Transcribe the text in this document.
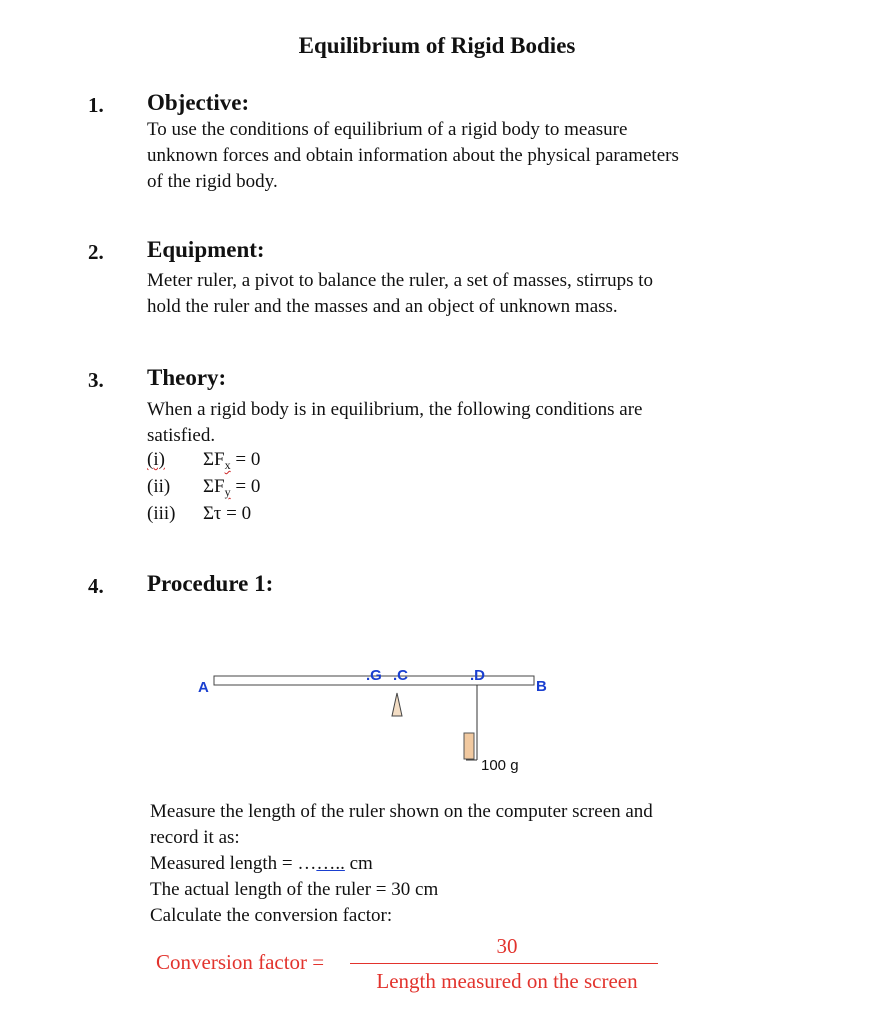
Equilibrium of Rigid Bodies
1. Objective:
To use the conditions of equilibrium of a rigid body to measure
unknown forces and obtain information about the physical parameters
of the rigid body.
2. Equipment:
Meter ruler, a pivot to balance the ruler, a set of masses, stirrups to
hold the ruler and the masses and an object of unknown mass.
3. Theory:
When a rigid body is in equilibrium, the following conditions are
satisfied.
(i) $\Sigma F_x = 0$
(ii) $\Sigma F_y = 0$
(iii) Στ = 0
4. Procedure 1:
A	B
.G .C	.D
100 g
Measure the length of the ruler shown on the computer screen and
record it as:
Measured length = …….. cm
The actual length of the ruler = 30 cm
Calculate the conversion factor:
Conversion factor =
30
Length measured on the screen
